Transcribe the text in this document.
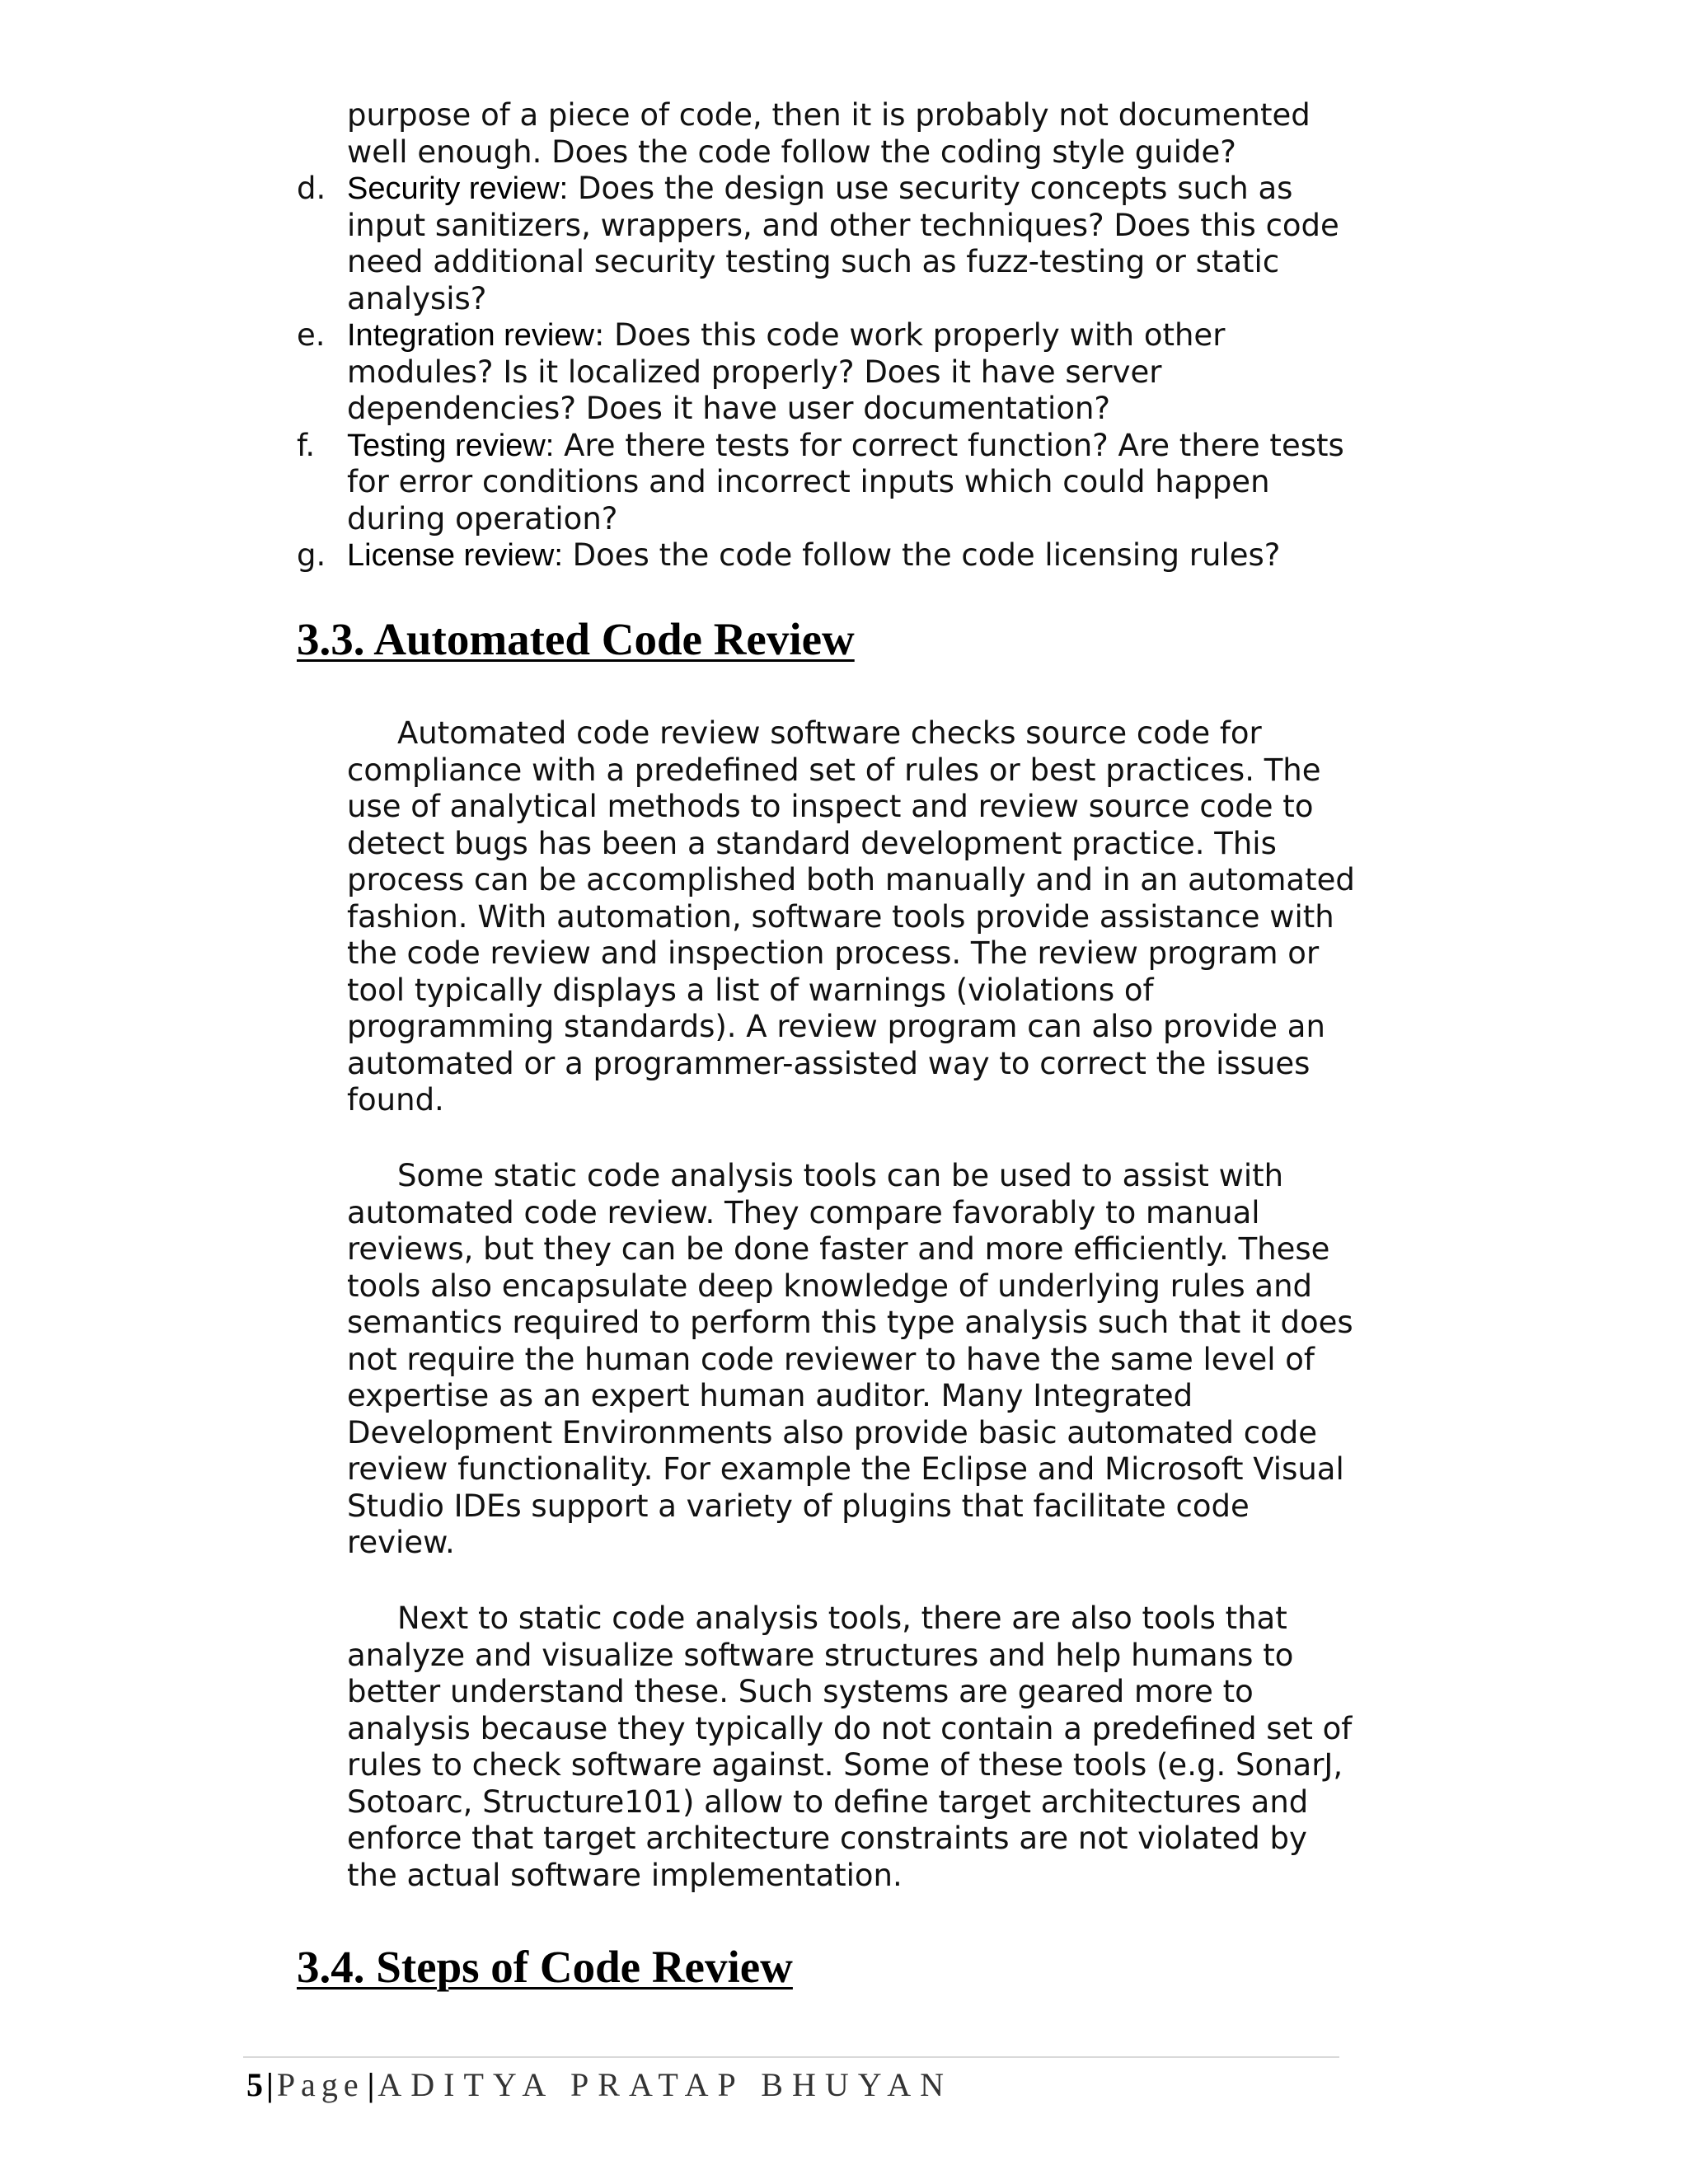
purpose of a piece of code, then it is probably not documented well enough. Does the code follow the coding style guide?

d. Security review: Does the design use security concepts such as input sanitizers, wrappers, and other techniques? Does this code need additional security testing such as fuzz-testing or static analysis?
e. Integration review: Does this code work properly with other modules? Is it localized properly? Does it have server dependencies? Does it have user documentation?
f.	Testing review: Are there tests for correct function? Are there tests for error conditions and incorrect inputs which could happen during operation?
g. License review: Does the code follow the code licensing rules?
3.3. Automated Code Review

Automated code review software checks source code for compliance with a predefined set of rules or best practices. The use of analytical methods to inspect and review source code to detect bugs has been a standard development practice. This process can be accomplished both manually and in an automated fashion. With automation, software tools provide assistance with the code review and inspection process. The review program or tool typically displays a list of warnings (violations of programming standards). A review program can also provide an automated or a programmer-assisted way to correct the issues found.

Some static code analysis tools can be used to assist with automated code review. They compare favorably to manual reviews, but they can be done faster and more efficiently. These tools also encapsulate deep knowledge of underlying rules and semantics required to perform this type analysis such that it does not require the human code reviewer to have the same level of expertise as an expert human auditor. Many Integrated Development Environments also provide basic automated code review functionality. For example the Eclipse and Microsoft Visual Studio IDEs support a variety of plugins that facilitate code review.

Next to static code analysis tools, there are also tools that analyze and visualize software structures and help humans to better understand these. Such systems are geared more to analysis because they typically do not contain a predefined set of rules to check software against. Some of these tools (e.g. SonarJ, Sotoarc, Structure101) allow to define target architectures and enforce that target architecture constraints are not violated by the actual software implementation.

3.4. Steps of Code Review
5 | Page | ADITYA PRATAP BHUYAN
